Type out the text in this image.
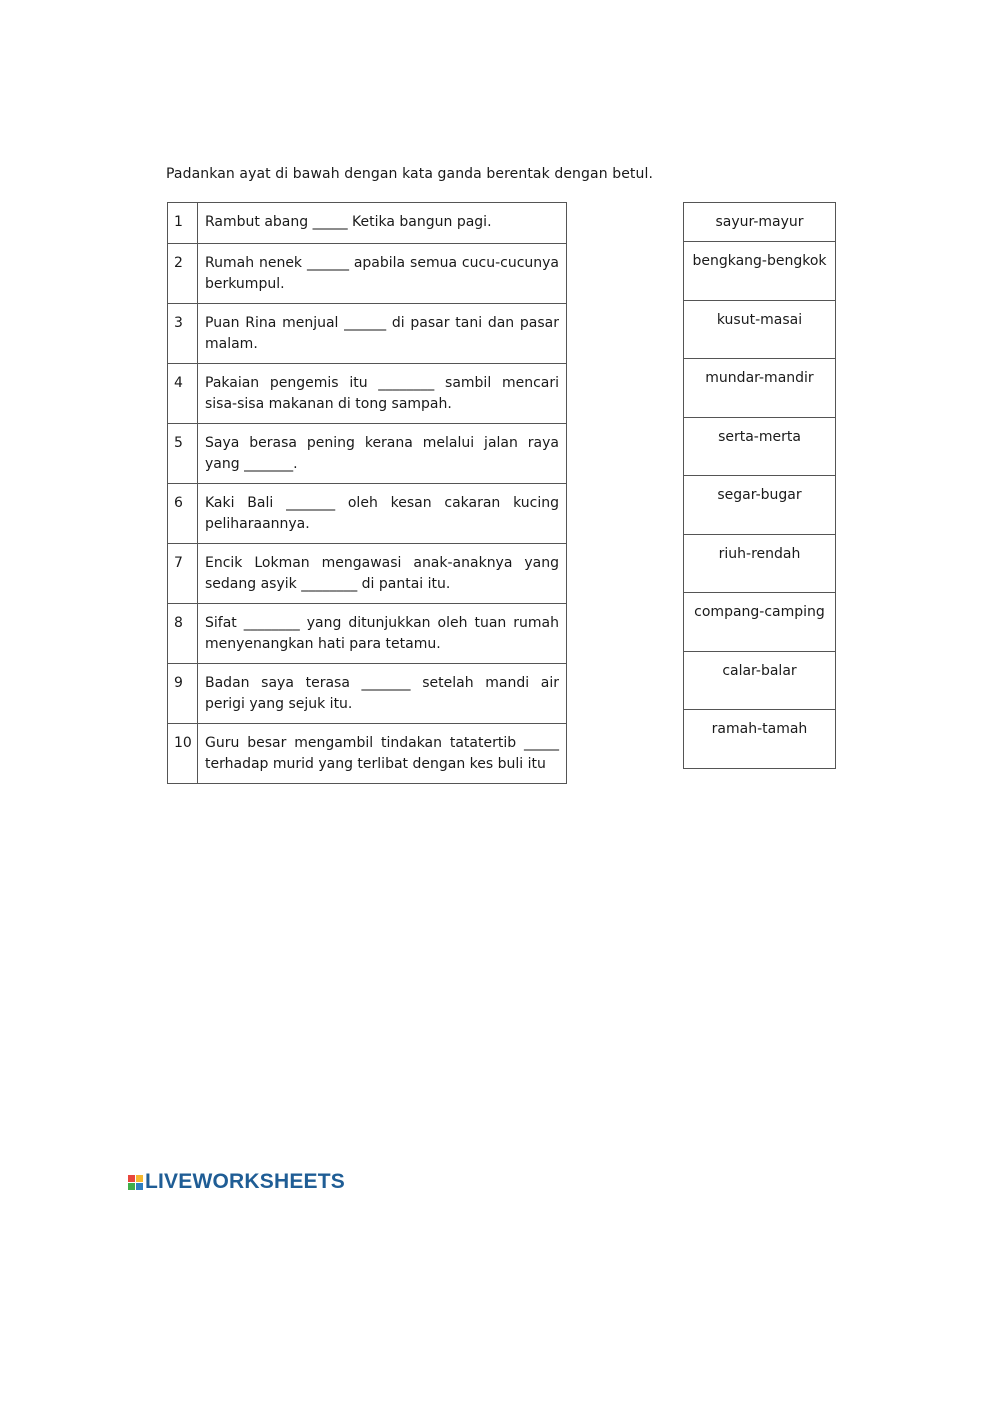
Padankan ayat di bawah dengan kata ganda berentak dengan betul.
1	Rambut abang _____ Ketika bangun pagi.
2	Rumah nenek ______ apabila semua cucu-cucunya berkumpul.
3	Puan Rina menjual ______ di pasar tani dan pasar malam.
4	Pakaian pengemis itu ________ sambil mencari sisa-sisa makanan di tong sampah.
5	Saya berasa pening kerana melalui jalan raya yang _______.
6	Kaki Bali _______ oleh kesan cakaran kucing peliharaannya.
7	Encik Lokman mengawasi anak-anaknya yang sedang asyik ________ di pantai itu.
8	Sifat ________ yang ditunjukkan oleh tuan rumah menyenangkan hati para tetamu.
9	Badan saya terasa _______ setelah mandi air perigi yang sejuk itu.
10	Guru besar mengambil tindakan tatatertib _____ terhadap murid yang terlibat dengan kes buli itu
sayur-mayur
bengkang-bengkok
kusut-masai
mundar-mandir
serta-merta
segar-bugar
riuh-rendah
compang-camping
calar-balar
ramah-tamah
LIVEWORKSHEETS
